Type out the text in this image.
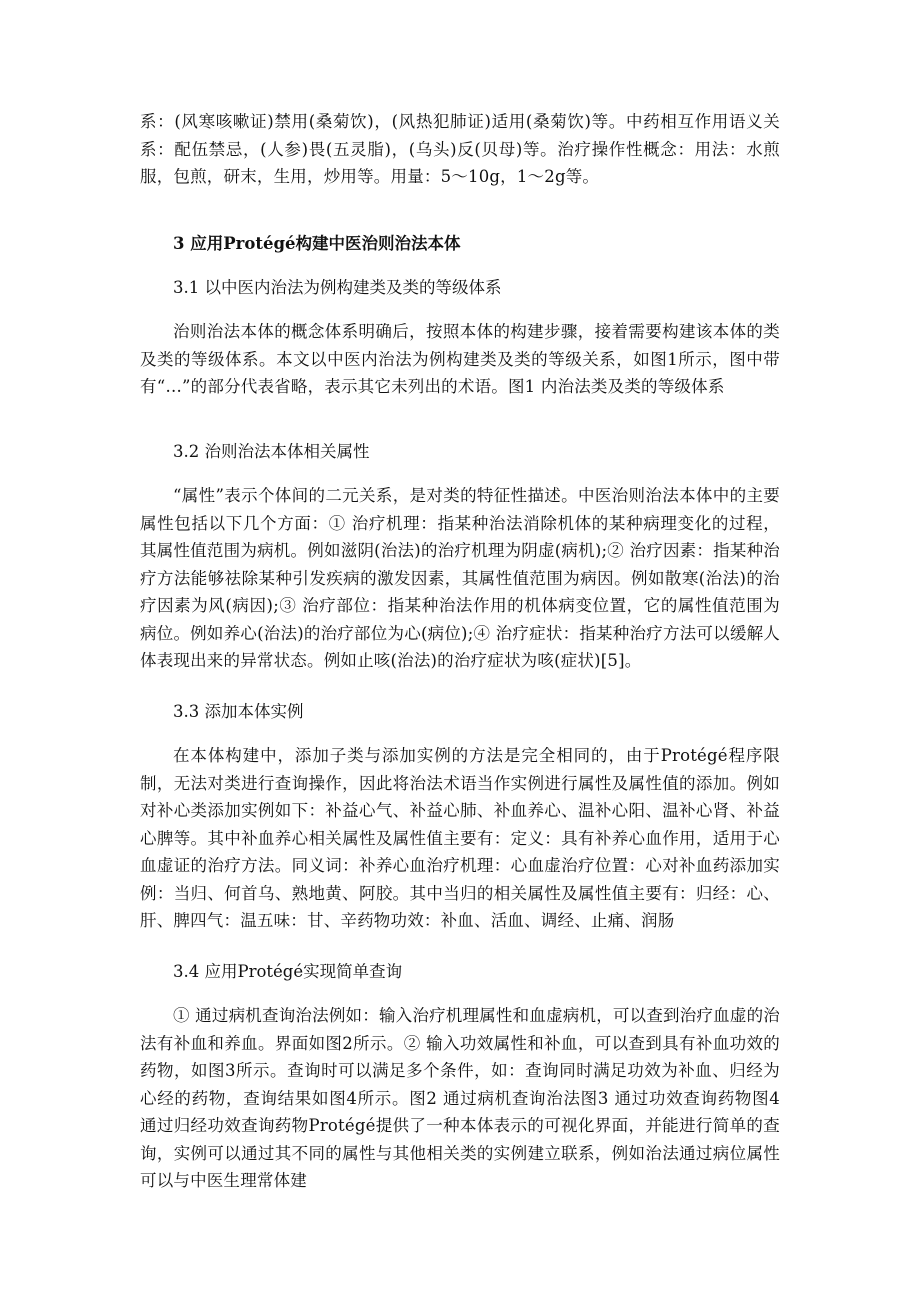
系：(风寒咳嗽证)禁用(桑菊饮)，(风热犯肺证)适用(桑菊饮)等。中药相互作用语义关系：配伍禁忌，(人参)畏(五灵脂)，(乌头)反(贝母)等。治疗操作性概念：用法：水煎服，包煎，研末，生用，炒用等。用量：5～10g，1～2g等。

3 应用Protégé构建中医治则治法本体
3.1 以中医内治法为例构建类及类的等级体系

治则治法本体的概念体系明确后，按照本体的构建步骤，接着需要构建该本体的类及类的等级体系。本文以中医内治法为例构建类及类的等级关系，如图1所示，图中带有“…”的部分代表省略，表示其它未列出的术语。图1 内治法类及类的等级体系

3.2 治则治法本体相关属性

“属性”表示个体间的二元关系，是对类的特征性描述。中医治则治法本体中的主要属性包括以下几个方面：① 治疗机理：指某种治法消除机体的某种病理变化的过程，其属性值范围为病机。例如滋阴(治法)的治疗机理为阴虚(病机);② 治疗因素：指某种治疗方法能够祛除某种引发疾病的激发因素，其属性值范围为病因。例如散寒(治法)的治疗因素为风(病因);③ 治疗部位：指某种治法作用的机体病变位置，它的属性值范围为病位。例如养心(治法)的治疗部位为心(病位);④ 治疗症状：指某种治疗方法可以缓解人体表现出来的异常状态。例如止咳(治法)的治疗症状为咳(症状)[5]。

3.3 添加本体实例

在本体构建中，添加子类与添加实例的方法是完全相同的，由于Protégé程序限制，无法对类进行查询操作，因此将治法术语当作实例进行属性及属性值的添加。例如对补心类添加实例如下：补益心气、补益心肺、补血养心、温补心阳、温补心肾、补益心脾等。其中补血养心相关属性及属性值主要有：定义：具有补养心血作用，适用于心血虚证的治疗方法。同义词：补养心血治疗机理：心血虚治疗位置：心对补血药添加实例：当归、何首乌、熟地黄、阿胶。其中当归的相关属性及属性值主要有：归经：心、肝、脾四气：温五味：甘、辛药物功效：补血、活血、调经、止痛、润肠

3.4 应用Protégé实现简单查询

① 通过病机查询治法例如：输入治疗机理属性和血虚病机，可以查到治疗血虚的治法有补血和养血。界面如图2所示。② 输入功效属性和补血，可以查到具有补血功效的药物，如图3所示。查询时可以满足多个条件，如：查询同时满足功效为补血、归经为心经的药物，查询结果如图4所示。图2 通过病机查询治法图3 通过功效查询药物图4 通过归经功效查询药物Protégé提供了一种本体表示的可视化界面，并能进行简单的查询，实例可以通过其不同的属性与其他相关类的实例建立联系，例如治法通过病位属性可以与中医生理常体建
